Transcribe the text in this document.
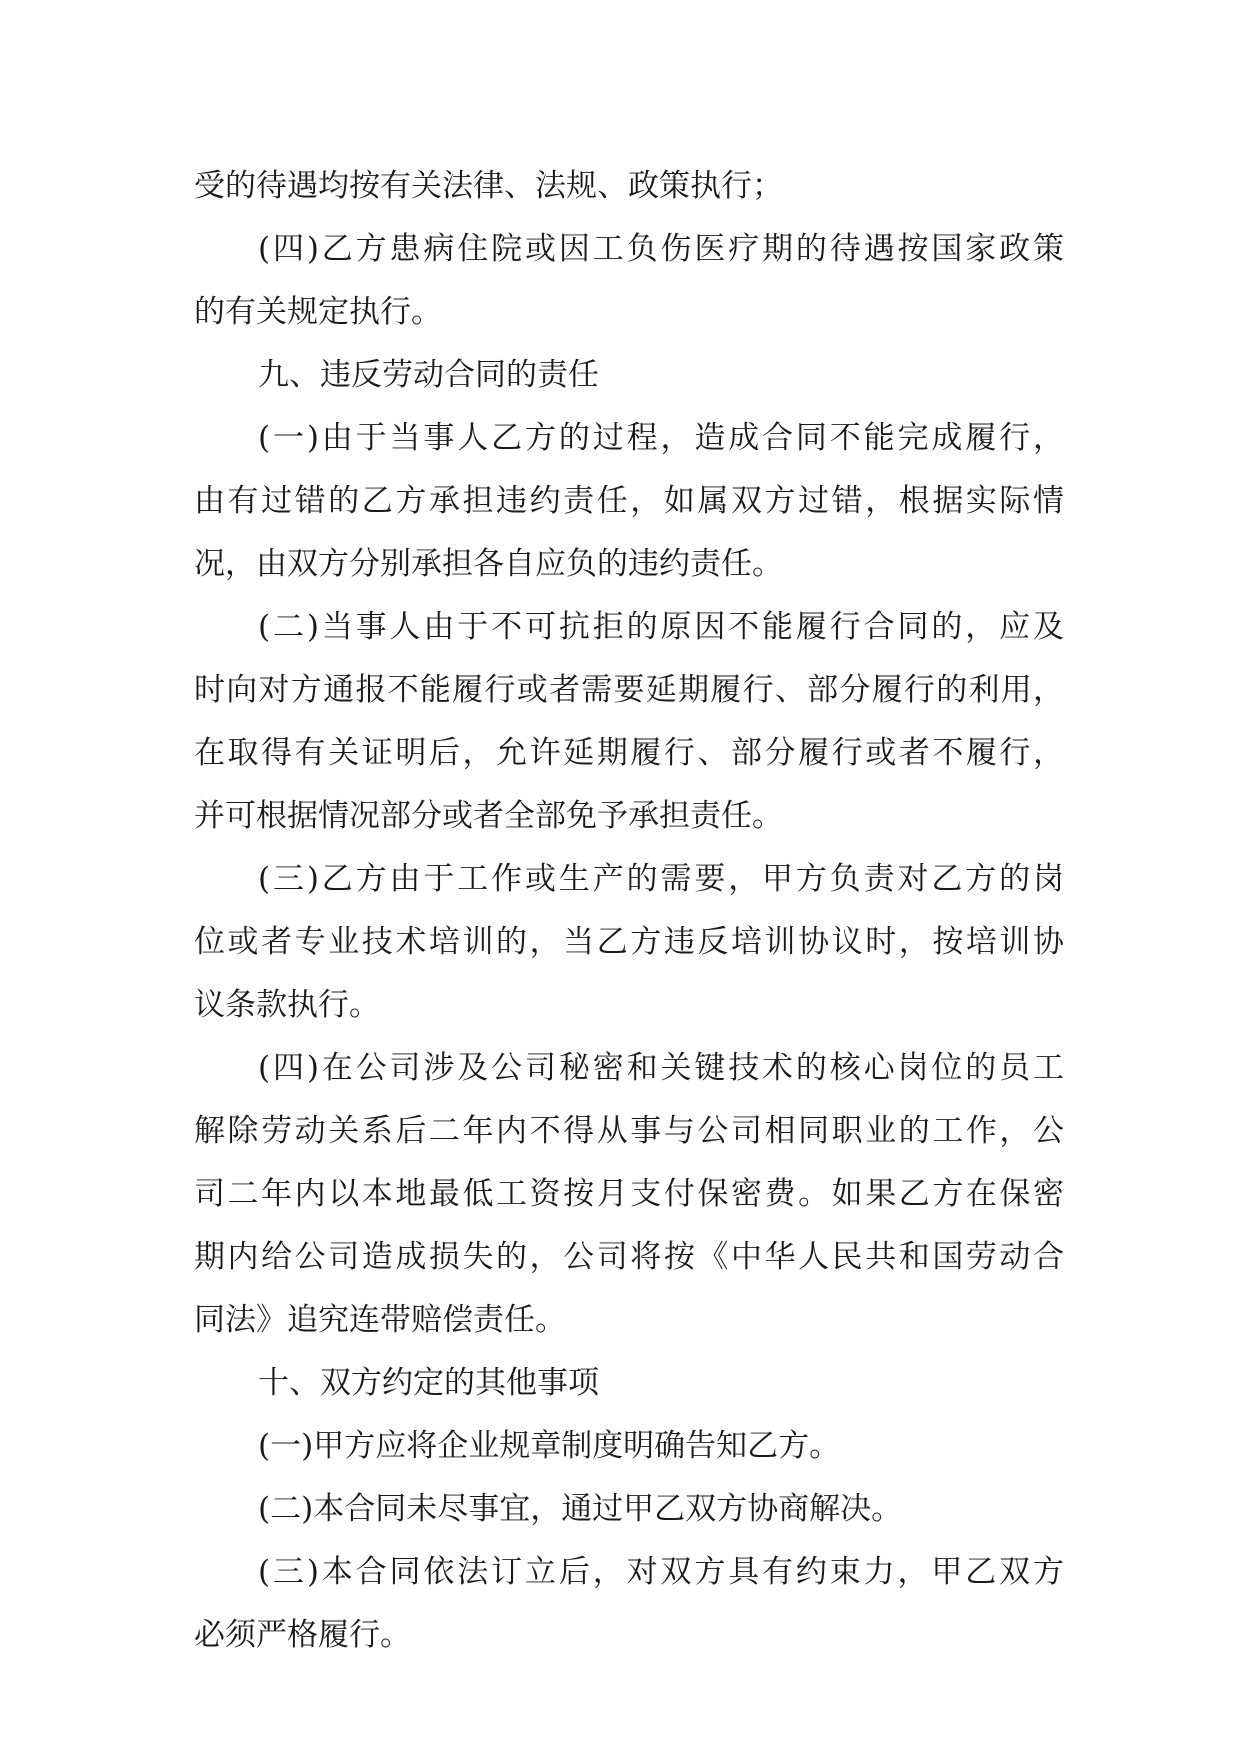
受的待遇均按有关法律、法规、政策执行；
(四)乙方患病住院或因工负伤医疗期的待遇按国家政策
的有关规定执行。
九、违反劳动合同的责任
(一)由于当事人乙方的过程，造成合同不能完成履行，
由有过错的乙方承担违约责任，如属双方过错，根据实际情
况，由双方分别承担各自应负的违约责任。
(二)当事人由于不可抗拒的原因不能履行合同的，应及
时向对方通报不能履行或者需要延期履行、部分履行的利用，
在取得有关证明后，允许延期履行、部分履行或者不履行，
并可根据情况部分或者全部免予承担责任。
(三)乙方由于工作或生产的需要，甲方负责对乙方的岗
位或者专业技术培训的，当乙方违反培训协议时，按培训协
议条款执行。
(四)在公司涉及公司秘密和关键技术的核心岗位的员工
解除劳动关系后二年内不得从事与公司相同职业的工作，公
司二年内以本地最低工资按月支付保密费。如果乙方在保密
期内给公司造成损失的，公司将按《中华人民共和国劳动合
同法》追究连带赔偿责任。
十、双方约定的其他事项
(一)甲方应将企业规章制度明确告知乙方。
(二)本合同未尽事宜，通过甲乙双方协商解决。
(三)本合同依法订立后，对双方具有约束力，甲乙双方
必须严格履行。
